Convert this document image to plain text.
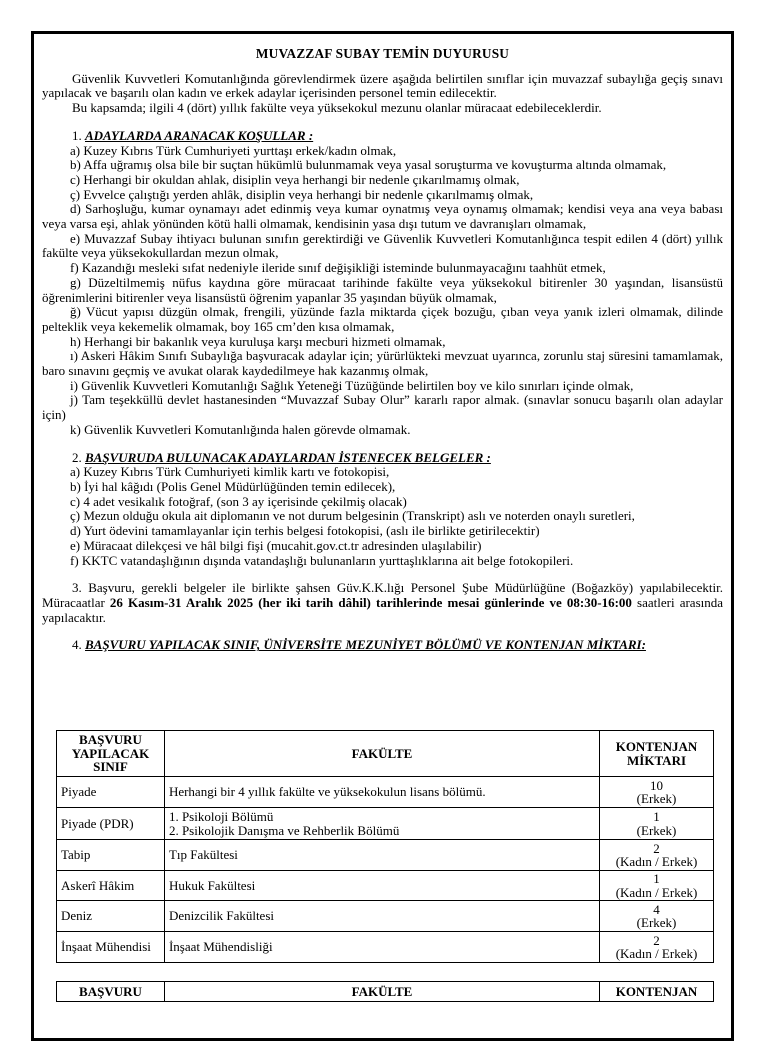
MUVAZZAF SUBAY TEMİN DUYURUSU

Güvenlik Kuvvetleri Komutanlığında görevlendirmek üzere aşağıda belirtilen sınıflar için muvazzaf subaylığa geçiş sınavı yapılacak ve başarılı olan kadın ve erkek adaylar içerisinden personel temin edilecektir.

Bu kapsamda; ilgili 4 (dört) yıllık fakülte veya yüksekokul mezunu olanlar müracaat edebileceklerdir.

1. ADAYLARDA ARANACAK KOŞULLAR :

a) Kuzey Kıbrıs Türk Cumhuriyeti yurttaşı erkek/kadın olmak,

b) Affa uğramış olsa bile bir suçtan hükümlü bulunmamak veya yasal soruşturma ve kovuşturma altında olmamak,

c) Herhangi bir okuldan ahlak, disiplin veya herhangi bir nedenle çıkarılmamış olmak,

ç) Evvelce çalıştığı yerden ahlâk, disiplin veya herhangi bir nedenle çıkarılmamış olmak,

d) Sarhoşluğu, kumar oynamayı adet edinmiş veya kumar oynatmış veya oynamış olmamak; kendisi veya ana veya babası veya varsa eşi, ahlak yönünden kötü halli olmamak, kendisinin yasa dışı tutum ve davranışları olmamak,

e) Muvazzaf Subay ihtiyacı bulunan sınıfın gerektirdiği ve Güvenlik Kuvvetleri Komutanlığınca tespit edilen 4 (dört) yıllık fakülte veya yüksekokullardan mezun olmak,

f) Kazandığı mesleki sıfat nedeniyle ileride sınıf değişikliği isteminde bulunmayacağını taahhüt etmek,

g) Düzeltilmemiş nüfus kaydına göre müracaat tarihinde fakülte veya yüksekokul bitirenler 30 yaşından, lisansüstü öğrenimlerini bitirenler veya lisansüstü öğrenim yapanlar 35 yaşından büyük olmamak,

ğ) Vücut yapısı düzgün olmak, frengili, yüzünde fazla miktarda çiçek bozuğu, çıban veya yanık izleri olmamak, dilinde pelteklik veya kekemelik olmamak, boy 165 cm’den kısa olmamak,

h) Herhangi bir bakanlık veya kuruluşa karşı mecburi hizmeti olmamak,

ı) Askeri Hâkim Sınıfı Subaylığa başvuracak adaylar için; yürürlükteki mevzuat uyarınca, zorunlu staj süresini tamamlamak, baro sınavını geçmiş ve avukat olarak kaydedilmeye hak kazanmış olmak,

i) Güvenlik Kuvvetleri Komutanlığı Sağlık Yeteneği Tüzüğünde belirtilen boy ve kilo sınırları içinde olmak,

j) Tam teşekküllü devlet hastanesinden “Muvazzaf Subay Olur” kararlı rapor almak. (sınavlar sonucu başarılı olan adaylar için)

k) Güvenlik Kuvvetleri Komutanlığında halen görevde olmamak.

2. BAŞVURUDA BULUNACAK ADAYLARDAN İSTENECEK BELGELER :

a) Kuzey Kıbrıs Türk Cumhuriyeti kimlik kartı ve fotokopisi,

b) İyi hal kâğıdı (Polis Genel Müdürlüğünden temin edilecek),

c) 4 adet vesikalık fotoğraf, (son 3 ay içerisinde çekilmiş olacak)

ç) Mezun olduğu okula ait diplomanın ve not durum belgesinin (Transkript) aslı ve noterden onaylı suretleri,

d) Yurt ödevini tamamlayanlar için terhis belgesi fotokopisi, (aslı ile birlikte getirilecektir)

e) Müracaat dilekçesi ve hâl bilgi fişi (mucahit.gov.ct.tr adresinden ulaşılabilir)

f) KKTC vatandaşlığının dışında vatandaşlığı bulunanların yurttaşlıklarına ait belge fotokopileri.

3. Başvuru, gerekli belgeler ile birlikte şahsen Güv.K.K.lığı Personel Şube Müdürlüğüne (Boğazköy) yapılabilecektir. Müracaatlar 26 Kasım-31 Aralık 2025 (her iki tarih dâhil) tarihlerinde mesai günlerinde ve 08:30-16:00 saatleri arasında yapılacaktır.

4. BAŞVURU YAPILACAK SINIF, ÜNİVERSİTE MEZUNİYET BÖLÜMÜ VE KONTENJAN MİKTARI:

BAŞVURU YAPILACAK SINIF	FAKÜLTE	KONTENJAN MİKTARI
Piyade	Herhangi bir 4 yıllık fakülte ve yüksekokulun lisans bölümü.	10
(Erkek)
Piyade (PDR)	1. Psikoloji Bölümü
2. Psikolojik Danışma ve Rehberlik Bölümü	1
(Erkek)
Tabip	Tıp Fakültesi	2
(Kadın / Erkek)
Askerî Hâkim	Hukuk Fakültesi	1
(Kadın / Erkek)
Deniz	Denizcilik Fakültesi	4
(Erkek)
İnşaat Mühendisi	İnşaat Mühendisliği	2
(Kadın / Erkek)
BAŞVURU	FAKÜLTE	KONTENJAN
